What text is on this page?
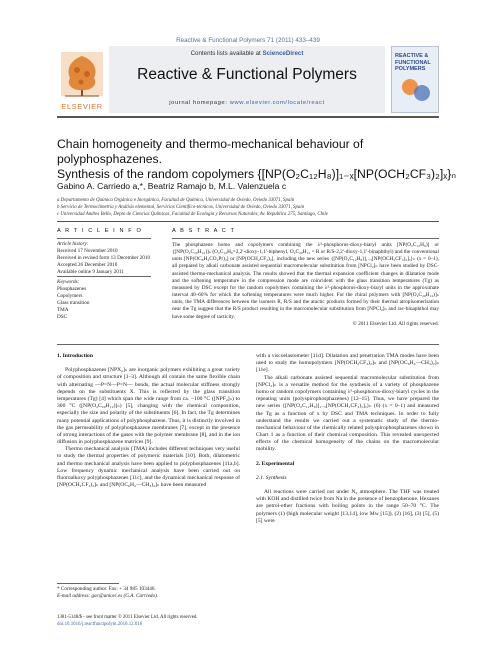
Reactive & Functional Polymers 71 (2011) 433–439
ELSEVIER
Contents lists available at ScienceDirect
Reactive & Functional Polymers
journal homepage: www.elsevier.com/locate/react
REACTIVE & FUNCTIONAL POLYMERS
Chain homogeneity and thermo-mechanical behaviour of polyphosphazenes.
Synthesis of the random copolymers {[NP(O₂C₁₂H₈)]₁₋ₓ[NP(OCH₂CF₃)₂]ₓ}ₙ
Gabino A. Carriedo a,*, Beatriz Ramajo b, M.L. Valenzuela c
a Departamento de Química Orgánica e Inorgánica, Facultad de Química, Universidad de Oviedo, Oviedo 33071, Spain
b Servicio de Termoclimetría y Análisis elemental, Servicios Científico-técnicos, Universidad de Oviedo, Oviedo 33071, Spain
c Universidad Andres Bello, Depto de Ciencias Químicas, Facultad de Ecología y Recursos Naturales, Av. Republica 275, Santiago, Chile
A R T I C L E I N F O
Article history:
Received 17 November 2010
Received in revised form 13 December 2010
Accepted 26 December 2010
Available online 9 January 2011
Keywords:
Phosphazenes
Copolymers
Glass transition
TMA
DSC
A B S T R A C T

The phosphazene homo and copolymers combining the λ⁵-phosphorus-dioxy-biaryl units [NP(O₂C₁₂H₈)] or {[NP(O₂C₂₀H₁₂)]ₙ (O₂C₁₂H₈=2,2′-dioxy-1,1′-biphenyl, O₂C₂₀H₁₂ = R or R/S-2,2′-dioxy-1,1′-binaphthyl) and the conventional units [NP(OC₆H₄CO₂Pr)₂] or [NP(OCH₂CF₃)₂], including the new series {[NP(O₂C₁₂H₈)]₁₋ₓ[NP(OCH₂CF₃)₂]ₓ}ₙ (x = 0–1), all prepared by alkali carbonate assisted sequential macromolecular substitution from [NPCl₂]ₙ have been studied by DSC-assisted thermo-mechanical analysis. The results showed that the thermal expansion coefficient changes in dilatation mode and the softening temperature in the compression mode are coincident with the glass transition temperatures (Tg) as measured by DSC except for the random copolymers containing the λ⁵-phosphorus-dioxy-biaryl units in the approximate interval 40–60% for which the softening temperatures were much higher. For the chiral polymers with [NP(O₂C₂₀H₁₂)]ₙ units, the TMA differences between the isomers R, R/S and the atactic products formed by their thermal atropisomerisation near the Tg suggest that the R/S product resulting in the macromolecular substitution from [NPCl₂]ₙ and rac-binaphthol may have some degree of tacticity.

© 2011 Elsevier Ltd. All rights reserved.

1. Introduction

Polyphosphazenes [NPX₂]ₙ are inorganic polymers exhibiting a great variety of composition and structure [1–3]. Although all contain the same flexible chain with alternating —P=N—P=N— bonds, the actual molecular stiffness strongly depends on the substituents X. This is reflected by the glass transition temperatures (Tg) [4] which span the wide range from ca. −100 °C ([NPF₂]ₙ) to 300 °C ([NP(O₂C₂₀H₁₂)]ₙ) [5], changing with the chemical composition, especially the size and polarity of the substituents [6]. In fact, the Tg determines many potential applications of polyphosphazene. Thus, it is distinctly involved in the gas permeability of polyphosphazene membranes [7], except in the presence of strong interactions of the gases with the polymer membrane [8], and in the ion diffusion in polyphosphazene matrices [9].

Thermo mechanical analysis (TMA) includes different techniques very useful to study the thermal properties of polymeric materials [10]. Both, dilatometric and thermo mechanical analysis have been applied to polyphosphazenes [11a,b]. Low frequency dynamic mechanical analysis have been carried out on fluoroalkoxy polyphosphazenes [11c], and the dynamical mechanical response of [NP(OCH₂CF₃)₂]ₙ and [NP(OC₆H₄—CH₃)₂]ₙ have been measured

with a viscoelastometer [11d]. Dilatation and penetration TMA modes have been used to study the homopolymers [NP(OCH₂CF₃)₂]ₙ and [NP(OC₆H₄—CH₃)₂]ₙ [11e].

The alkali carbonate assisted sequential macromolecular substitution from [NPCl₂]ₙ is a versatile method for the synthesis of a variety of phosphazene homo or random copolymers containing λ⁵-phosphorus-dioxy-biaryl cycles in the repeating units (polyspirophosphazenes) [12–15]. Thus, we have prepared the new series {[NP(O₂C₁₂H₈)]₁₋ₓ[NP(OCH₂CF₃)₂]ₓ}ₙ (6) (x = 0–1) and measured the Tg as a function of x by DSC and TMA techniques. In order to fully understand the results we carried out a systematic study of the thermo-mechanical behaviour of the chemically related polyspirophosphazenes shown in Chart 1 as a function of their chemical composition. This revealed unexpected effects of the chemical homogeneity of the chains on the macromolecular mobility.

2. Experimental

2.1. Synthesis

All reactions were carried out under N₂ atmosphere. The THF was treated with KOH and distilled twice from Na in the presence of benzophenone. Hexanes are petrol-ether fractions with boiling points in the range 50–70 °C. The polymers (1) (high molecular weight [13,14], low Mw [15]), (2) [16], (3) [5], (5) [5] were

* Corresponding author. Fax: + 34 985 103446.
E-mail address: gac@uniovi.es (G.A. Carriedo).
1381-5148/$ - see front matter © 2011 Elsevier Ltd. All rights reserved.
doi:10.1016/j.reactfunctpolym.2010.12.016
